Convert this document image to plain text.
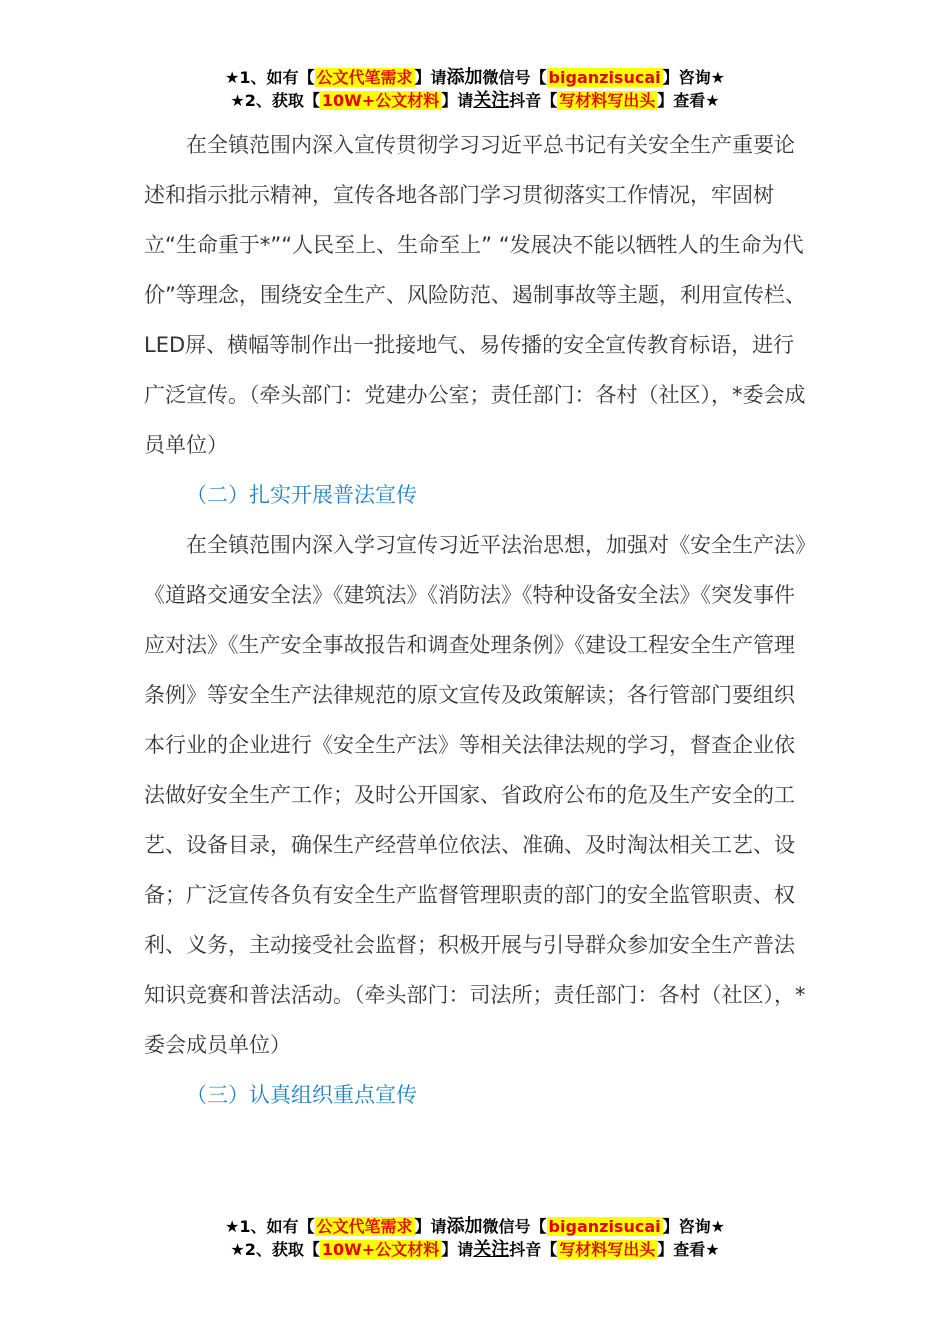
★1、如有【 公文代笔需求 】请添加微信号【 biganzisucai 】咨询★
★2、获取【 10W+公文材料 】请关注抖音【 写材料写出头 】查看★

在全镇范围内深入宣传贯彻学习习近平总书记有关安全生产重要论述和指示批示精神，宣传各地各部门学习贯彻落实工作情况，牢固树立“生命重于*”“人民至上、生命至上” “发展决不能以牺牲人的生命为代价”等理念，围绕安全生产、风险防范、遏制事故等主题，利用宣传栏、LED屏、横幅等制作出一批接地气、易传播的安全宣传教育标语，进行广泛宣传。（牵头部门：党建办公室；责任部门：各村（社区），*委会成员单位）

（二）扎实开展普法宣传

在全镇范围内深入学习宣传习近平法治思想，加强对《安全生产法》《道路交通安全法》《建筑法》《消防法》《特种设备安全法》《突发事件应对法》《生产安全事故报告和调查处理条例》《建设工程安全生产管理条例》等安全生产法律规范的原文宣传及政策解读；各行管部门要组织本行业的企业进行《安全生产法》等相关法律法规的学习，督查企业依法做好安全生产工作；及时公开国家、省政府公布的危及生产安全的工艺、设备目录，确保生产经营单位依法、准确、及时淘汰相关工艺、设备；广泛宣传各负有安全生产监督管理职责的部门的安全监管职责、权利、义务，主动接受社会监督；积极开展与引导群众参加安全生产普法知识竞赛和普法活动。（牵头部门：司法所；责任部门：各村（社区），*委会成员单位）

（三）认真组织重点宣传
★1、如有【 公文代笔需求 】请添加微信号【 biganzisucai 】咨询★
★2、获取【 10W+公文材料 】请关注抖音【 写材料写出头 】查看★
